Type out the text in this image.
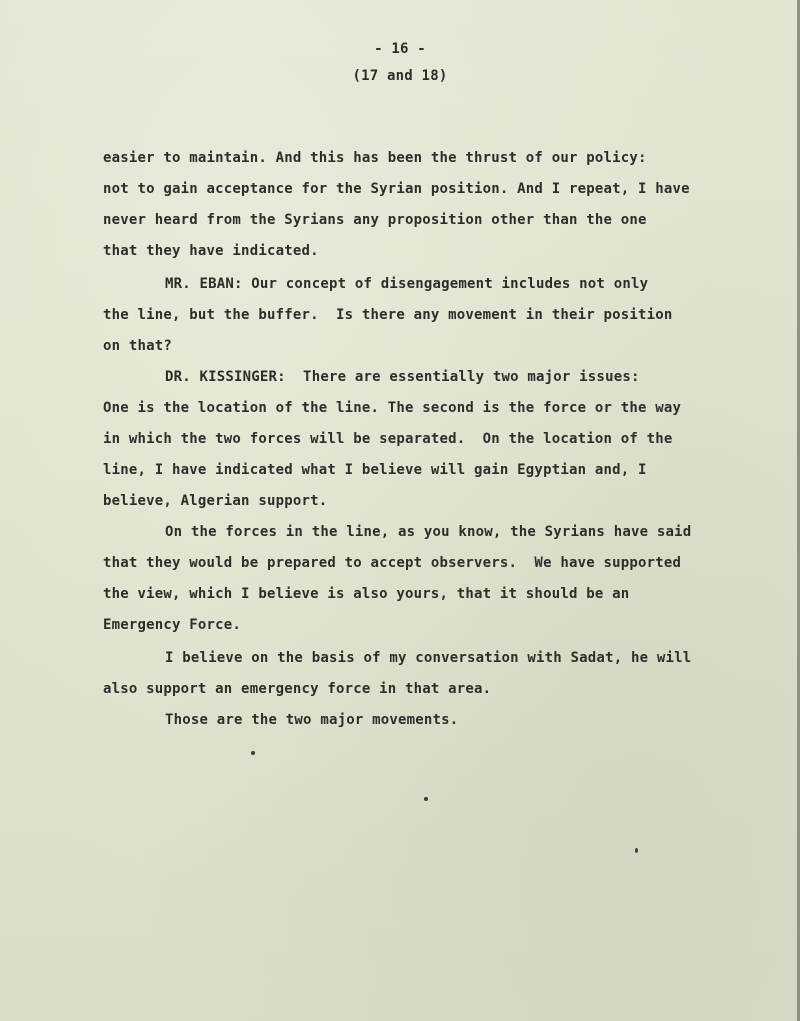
- 16 -
(17 and 18)
easier to maintain. And this has been the thrust of our policy:
not to gain acceptance for the Syrian position. And I repeat, I have
never heard from the Syrians any proposition other than the one
that they have indicated.
MR. EBAN: Our concept of disengagement includes not only
the line, but the buffer.  Is there any movement in their position
on that?
DR. KISSINGER:  There are essentially two major issues:
One is the location of the line. The second is the force or the way
in which the two forces will be separated.  On the location of the
line, I have indicated what I believe will gain Egyptian and, I
believe, Algerian support.
On the forces in the line, as you know, the Syrians have said
that they would be prepared to accept observers.  We have supported
the view, which I believe is also yours, that it should be an
Emergency Force.
I believe on the basis of my conversation with Sadat, he will
also support an emergency force in that area.
Those are the two major movements.
